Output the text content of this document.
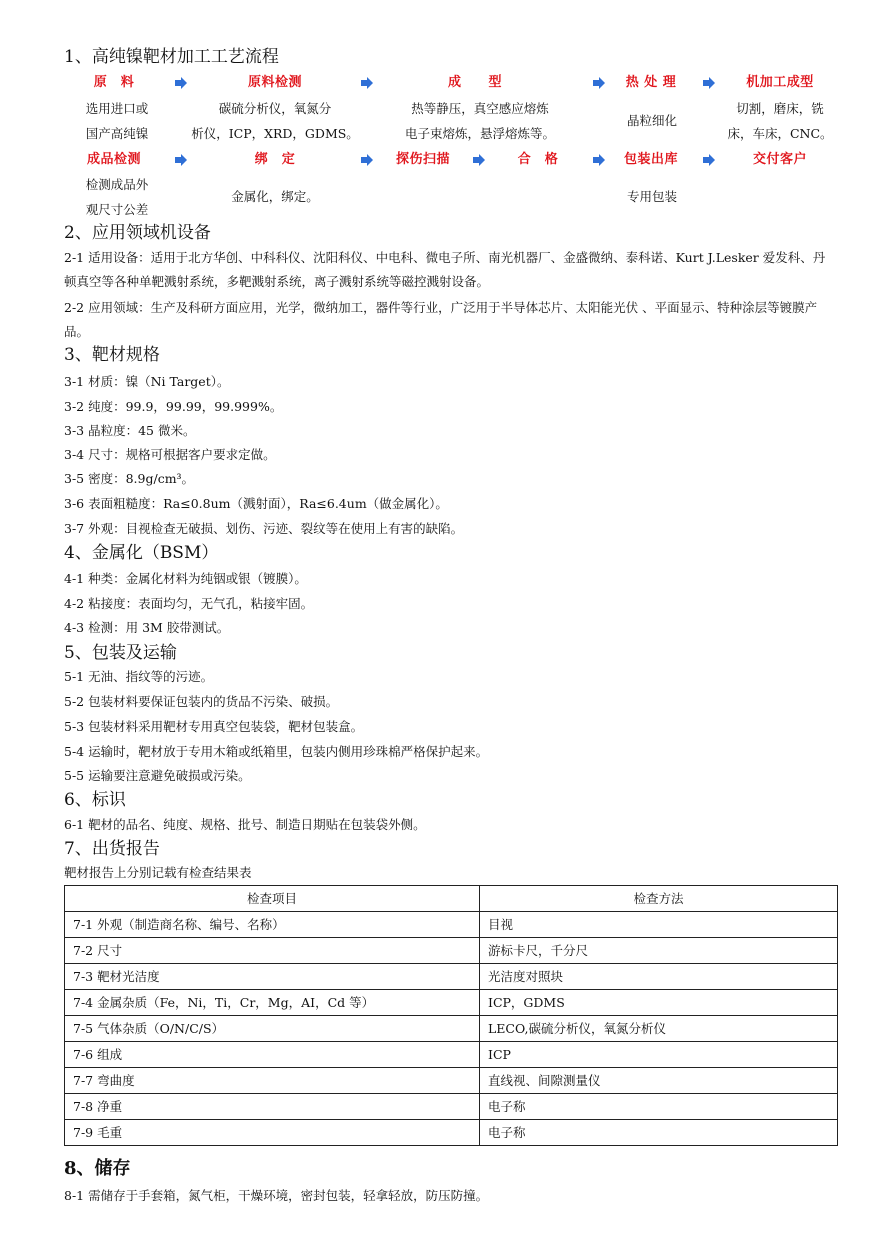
1、高纯镍靶材加工工艺流程
原　料	原料检测	成　　型	热 处 理	机加工成型
选用进口或
国产高纯镍
碳硫分析仪，氧氮分
析仪，ICP，XRD，GDMS。
热等静压，真空感应熔炼
电子束熔炼，悬浮熔炼等。
晶粒细化
切割，磨床，铣
床，车床，CNC。
成品检测	绑　定	探伤扫描	合　格	包装出库	交付客户
检测成品外
观尺寸公差
金属化，绑定。	专用包装
2、应用领域机设备
2-1 适用设备：适用于北方华创、中科科仪、沈阳科仪、中电科、微电子所、南光机器厂、金盛微纳、泰科诺、Kurt J.Lesker 爱发科、丹顿真空等各种单靶溅射系统，多靶溅射系统，离子溅射系统等磁控溅射设备。
2-2 应用领域：生产及科研方面应用，光学，微纳加工，器件等行业，广泛用于半导体芯片、太阳能光伏 、平面显示、特种涂层等镀膜产品。
3、靶材规格
3-1 材质：镍（Ni Target）。
3-2 纯度：99.9，99.99，99.999%。
3-3 晶粒度：45 微米。
3-4 尺寸：规格可根据客户要求定做。
3-5 密度：8.9g/cm³。
3-6 表面粗糙度：Ra≤0.8um（溅射面），Ra≤6.4um（做金属化）。
3-7 外观：目视检查无破损、划伤、污迹、裂纹等在使用上有害的缺陷。
4、金属化（BSM）
4-1 种类：金属化材料为纯铟或银（镀膜）。
4-2 粘接度：表面均匀，无气孔，粘接牢固。
4-3 检测：用 3M 胶带测试。
5、包装及运输
5-1 无油、指纹等的污迹。
5-2 包装材料要保证包装内的货品不污染、破损。
5-3 包装材料采用靶材专用真空包装袋，靶材包装盒。
5-4 运输时，靶材放于专用木箱或纸箱里，包装内侧用珍珠棉严格保护起来。
5-5 运输要注意避免破损或污染。
6、标识
6-1 靶材的品名、纯度、规格、批号、制造日期贴在包装袋外侧。
7、出货报告
靶材报告上分别记载有检查结果表
检查项目	检查方法
7-1 外观（制造商名称、编号、名称）	目视
7-2 尺寸	游标卡尺，千分尺
7-3 靶材光洁度	光洁度对照块
7-4 金属杂质（Fe，Ni，Ti，Cr，Mg，AI，Cd 等）	ICP，GDMS
7-5 气体杂质（O/N/C/S）	LECO,碳硫分析仪，氧氮分析仪
7-6 组成	ICP
7-7 弯曲度	直线视、间隙测量仪
7-8 净重	电子称
7-9 毛重	电子称
8、储存
8-1 需储存于手套箱，氮气柜，干燥环境，密封包装，轻拿轻放，防压防撞。
